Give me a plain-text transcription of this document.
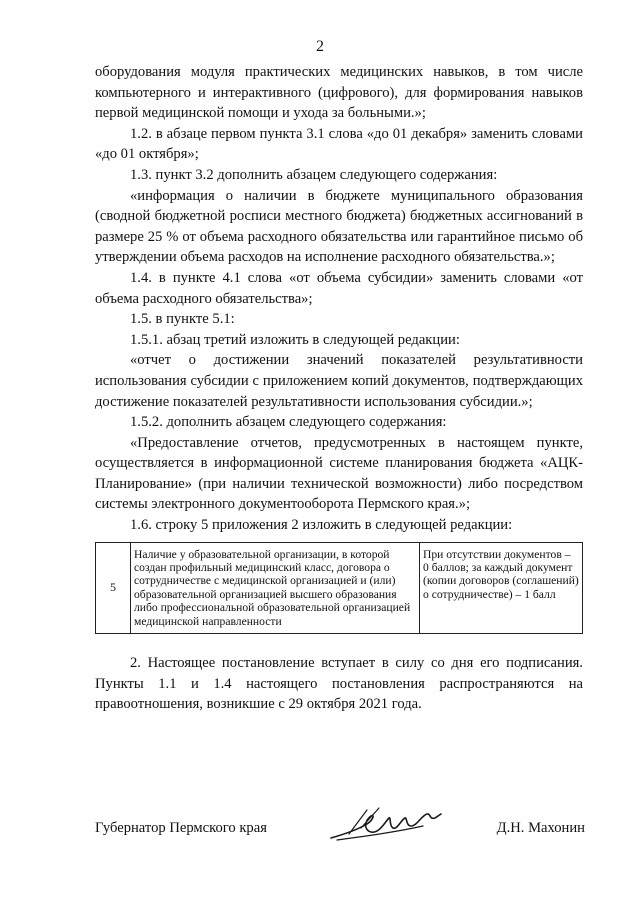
2

оборудования модуля практических медицинских навыков, в том числе компьютерного и интерактивного (цифрового), для формирования навыков первой медицинской помощи и ухода за больными.»;

1.2. в абзаце первом пункта 3.1 слова «до 01 декабря» заменить словами «до 01 октября»;

1.3. пункт 3.2 дополнить абзацем следующего содержания:

«информация о наличии в бюджете муниципального образования (сводной бюджетной росписи местного бюджета) бюджетных ассигнований в размере 25 % от объема расходного обязательства или гарантийное письмо об утверждении объема расходов на исполнение расходного обязательства.»;

1.4. в пункте 4.1 слова «от объема субсидии» заменить словами «от объема расходного обязательства»;

1.5. в пункте 5.1:

1.5.1. абзац третий изложить в следующей редакции:

«отчет о достижении значений показателей результативности использования субсидии с приложением копий документов, подтверждающих достижение показателей результативности использования субсидии.»;

1.5.2. дополнить абзацем следующего содержания:

«Предоставление отчетов, предусмотренных в настоящем пункте, осуществляется в информационной системе планирования бюджета «АЦК-Планирование» (при наличии технической возможности) либо посредством системы электронного документооборота Пермского края.»;

1.6. строку 5 приложения 2 изложить в следующей редакции:

5	Наличие у образовательной организации, в которой создан профильный медицинский класс, договора о сотрудничестве с медицинской организацией и (или) образовательной организацией высшего образования либо профессиональной образовательной организацией медицинской направленности	При отсутствии документов – 0 баллов; за каждый документ (копии договоров (соглашений) о сотрудничестве) – 1 балл

2. Настоящее постановление вступает в силу со дня его подписания. Пункты 1.1 и 1.4 настоящего постановления распространяются на правоотношения, возникшие с 29 октября 2021 года.

Губернатор Пермского края	Д.Н. Махонин
